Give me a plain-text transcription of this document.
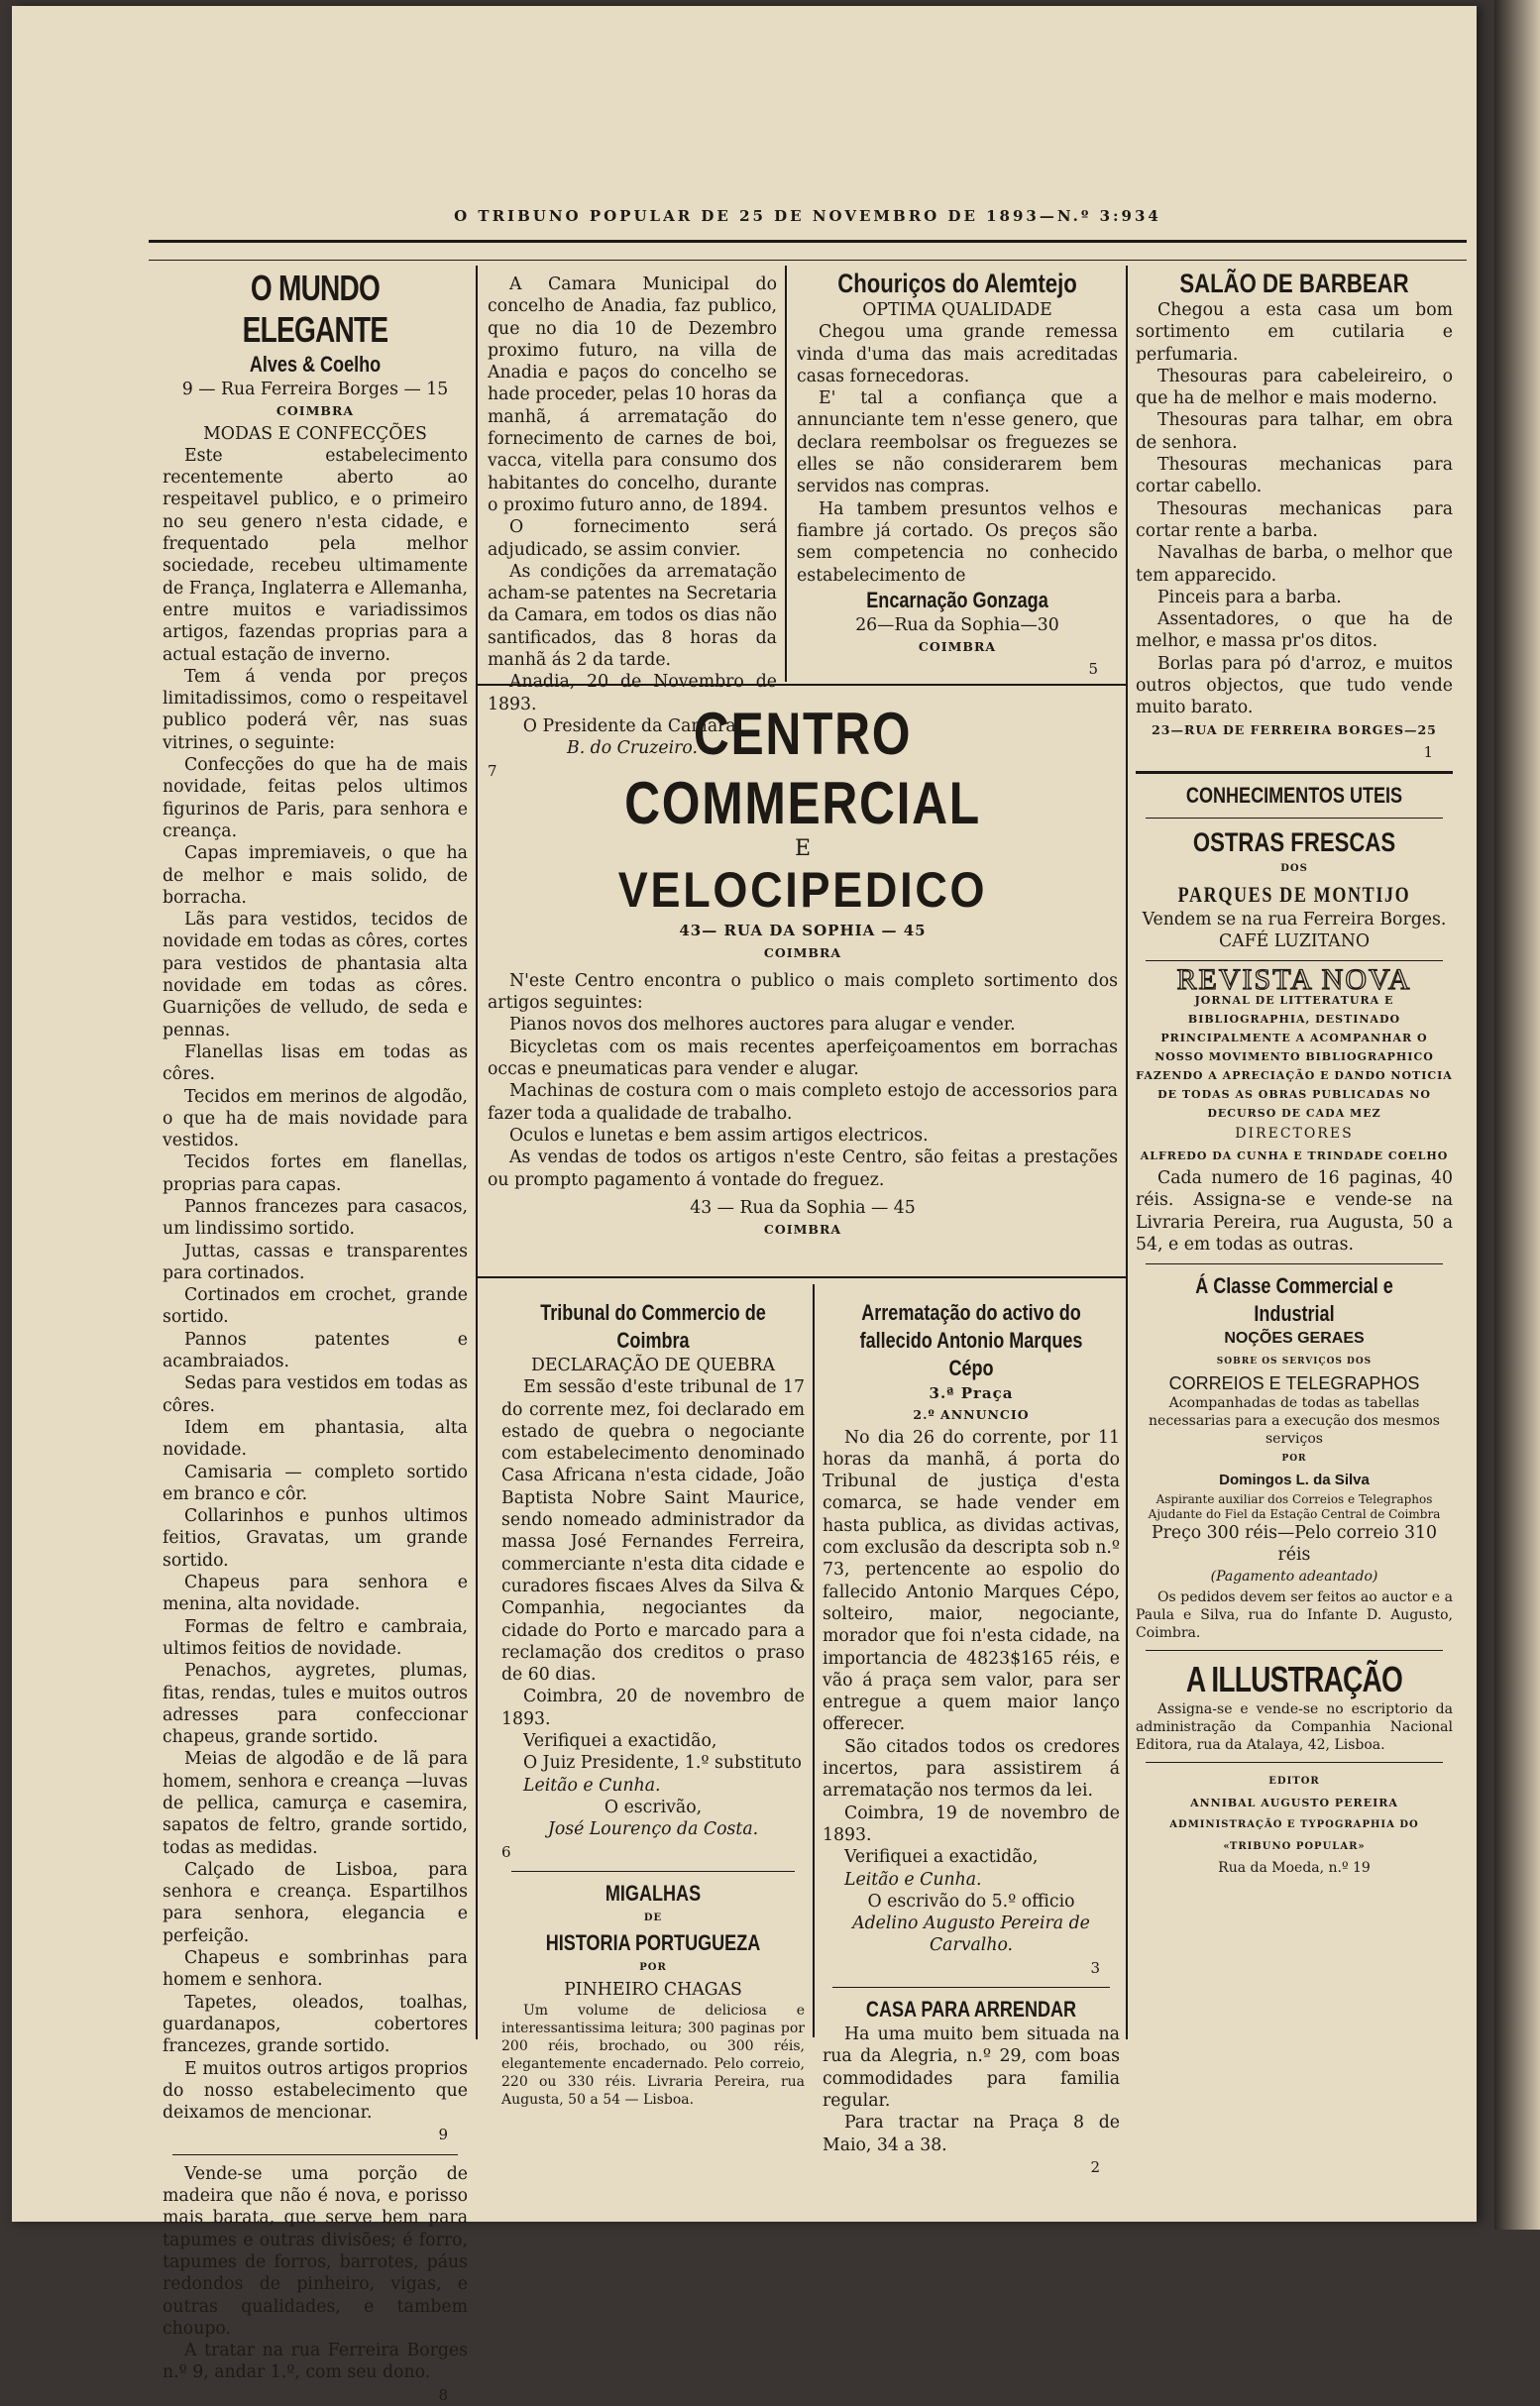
O TRIBUNO POPULAR DE 25 DE NOVEMBRO DE 1893—N.º 3:934
O MUNDO ELEGANTE
Alves & Coelho
9 — Rua Ferreira Borges — 15
COIMBRA
MODAS E CONFECÇÕES

Este estabelecimento recentemente aberto ao respeitavel publico, e o primeiro no seu genero n'esta cidade, e frequentado pela melhor sociedade, recebeu ultimamente de França, Inglaterra e Allemanha, entre muitos e variadissimos artigos, fazendas proprias para a actual estação de inverno.

Tem á venda por preços limitadissimos, como o respeitavel publico poderá vêr, nas suas vitrines, o seguinte:

Confecções do que ha de mais novidade, feitas pelos ultimos figurinos de Paris, para senhora e creança.

Capas impremiaveis, o que ha de melhor e mais solido, de borracha.

Lãs para vestidos, tecidos de novidade em todas as côres, cortes para vestidos de phantasia alta novidade em todas as côres. Guarnições de velludo, de seda e pennas.

Flanellas lisas em todas as côres.

Tecidos em merinos de algodão, o que ha de mais novidade para vestidos.

Tecidos fortes em flanellas, proprias para capas.

Pannos francezes para casacos, um lindissimo sortido.

Juttas, cassas e transparentes para cortinados.

Cortinados em crochet, grande sortido.

Pannos patentes e acambraiados.

Sedas para vestidos em todas as côres.

Idem em phantasia, alta novidade.

Camisaria — completo sortido em branco e côr.

Collarinhos e punhos ultimos feitios, Gravatas, um grande sortido.

Chapeus para senhora e menina, alta novidade.

Formas de feltro e cambraia, ultimos feitios de novidade.

Penachos, aygretes, plumas, fitas, rendas, tules e muitos outros adresses para confeccionar chapeus, grande sortido.

Meias de algodão e de lã para homem, senhora e creança —luvas de pellica, camurça e casemira, sapatos de feltro, grande sortido, todas as medidas.

Calçado de Lisboa, para senhora e creança. Espartilhos para senhora, elegancia e perfeição.

Chapeus e sombrinhas para homem e senhora.

Tapetes, oleados, toalhas, guardanapos, cobertores francezes, grande sortido.

E muitos outros artigos proprios do nosso estabelecimento que deixamos de mencionar.

9

Vende-se uma porção de madeira que não é nova, e porisso mais barata, que serve bem para tapumes e outras divisões; é forro, tapumes de forros, barrotes, páus redondos de pinheiro, vigas, e outras qualidades, e tambem choupo.

A tratar na rua Ferreira Borges n.º 9, andar 1.º, com seu dono.

8

A Camara Municipal do concelho de Anadia, faz publico, que no dia 10 de Dezembro proximo futuro, na villa de Anadia e paços do concelho se hade proceder, pelas 10 horas da manhã, á arrematação do fornecimento de carnes de boi, vacca, vitella para consumo dos habitantes do concelho, durante o proximo futuro anno, de 1894.

O fornecimento será adjudicado, se assim convier.

As condições da arrematação acham-se patentes na Secretaria da Camara, em todos os dias não santificados, das 8 horas da manhã ás 2 da tarde.

Anadia, 20 de Novembro de 1893.

O Presidente da Camara,
B. do Cruzeiro.
7
Chouriços do Alemtejo
OPTIMA QUALIDADE

Chegou uma grande remessa vinda d'uma das mais acreditadas casas fornecedoras.

E' tal a confiança que a annunciante tem n'esse genero, que declara reembolsar os freguezes se elles se não considerarem bem servidos nas compras.

Ha tambem presuntos velhos e fiambre já cortado. Os preços são sem competencia no conhecido estabelecimento de

Encarnação Gonzaga
26—Rua da Sophia—30
COIMBRA
5
CENTRO COMMERCIAL
E
VELOCIPEDICO
43— RUA DA SOPHIA — 45
COIMBRA

N'este Centro encontra o publico o mais completo sortimento dos artigos seguintes:

Pianos novos dos melhores auctores para alugar e vender.

Bicycletas com os mais recentes aperfeiçoamentos em borrachas occas e pneumaticas para vender e alugar.

Machinas de costura com o mais completo estojo de accessorios para fazer toda a qualidade de trabalho.

Oculos e lunetas e bem assim artigos electricos.

As vendas de todos os artigos n'este Centro, são feitas a prestações ou prompto pagamento á vontade do freguez.

43 — Rua da Sophia — 45
COIMBRA
Tribunal do Commercio de Coimbra
DECLARAÇÃO DE QUEBRA

Em sessão d'este tribunal de 17 do corrente mez, foi declarado em estado de quebra o negociante com estabelecimento denominado Casa Africana n'esta cidade, João Baptista Nobre Saint Maurice, sendo nomeado administrador da massa José Fernandes Ferreira, commerciante n'esta dita cidade e curadores fiscaes Alves da Silva & Companhia, negociantes da cidade do Porto e marcado para a reclamação dos creditos o praso de 60 dias.

Coimbra, 20 de novembro de 1893.

Verifiquei a exactidão,

O Juiz Presidente, 1.º substituto

Leitão e Cunha.

O escrivão,
José Lourenço da Costa.
6
MIGALHAS
DE
HISTORIA PORTUGUEZA
POR
PINHEIRO CHAGAS

Um volume de deliciosa e interessantissima leitura; 300 paginas por 200 réis, brochado, ou 300 réis, elegantemente encadernado. Pelo correio, 220 ou 330 réis. Livraria Pereira, rua Augusta, 50 a 54 — Lisboa.

Arrematação do activo do fallecido Antonio Marques Cépo
3.ª Praça
2.º ANNUNCIO

No dia 26 do corrente, por 11 horas da manhã, á porta do Tribunal de justiça d'esta comarca, se hade vender em hasta publica, as dividas activas, com exclusão da descripta sob n.º 73, pertencente ao espolio do fallecido Antonio Marques Cépo, solteiro, maior, negociante, morador que foi n'esta cidade, na importancia de 4823$165 réis, e vão á praça sem valor, para ser entregue a quem maior lanço offerecer.

São citados todos os credores incertos, para assistirem á arrematação nos termos da lei.

Coimbra, 19 de novembro de 1893.

Verifiquei a exactidão,

Leitão e Cunha.

O escrivão do 5.º officio
Adelino Augusto Pereira de Carvalho.
3
CASA PARA ARRENDAR

Ha uma muito bem situada na rua da Alegria, n.º 29, com boas commodidades para familia regular.

Para tractar na Praça 8 de Maio, 34 a 38.

2
SALÃO DE BARBEAR

Chegou a esta casa um bom sortimento em cutilaria e perfumaria.

Thesouras para cabeleireiro, o que ha de melhor e mais moderno.

Thesouras para talhar, em obra de senhora.

Thesouras mechanicas para cortar cabello.

Thesouras mechanicas para cortar rente a barba.

Navalhas de barba, o melhor que tem apparecido.

Pinceis para a barba.

Assentadores, o que ha de melhor, e massa pr'os ditos.

Borlas para pó d'arroz, e muitos outros objectos, que tudo vende muito barato.

23—RUA DE FERREIRA BORGES—25
1
CONHECIMENTOS UTEIS
OSTRAS FRESCAS
DOS
PARQUES DE MONTIJO
Vendem se na rua Ferreira Borges.
CAFÉ LUZITANO
REVISTA NOVA
JORNAL DE LITTERATURA E BIBLIOGRAPHIA, DESTINADO PRINCIPALMENTE A ACOMPANHAR O NOSSO MOVIMENTO BIBLIOGRAPHICO FAZENDO A APRECIAÇÃO E DANDO NOTICIA DE TODAS AS OBRAS PUBLICADAS NO DECURSO DE CADA MEZ
DIRECTORES
ALFREDO DA CUNHA E TRINDADE COELHO

Cada numero de 16 paginas, 40 réis. Assigna-se e vende-se na Livraria Pereira, rua Augusta, 50 a 54, e em todas as outras.

Á Classe Commercial e Industrial
NOÇÕES GERAES
SOBRE OS SERVIÇOS DOS
CORREIOS E TELEGRAPHOS
Acompanhadas de todas as tabellas necessarias para a execução dos mesmos serviços
POR
Domingos L. da Silva
Aspirante auxiliar dos Correios e Telegraphos Ajudante do Fiel da Estação Central de Coimbra
Preço 300 réis—Pelo correio 310 réis
(Pagamento adeantado)

Os pedidos devem ser feitos ao auctor e a Paula e Silva, rua do Infante D. Augusto, Coimbra.

A ILLUSTRAÇÃO

Assigna-se e vende-se no escriptorio da administração da Companhia Nacional Editora, rua da Atalaya, 42, Lisboa.

EDITOR
ANNIBAL AUGUSTO PEREIRA
ADMINISTRAÇÃO E TYPOGRAPHIA DO «TRIBUNO POPULAR»
Rua da Moeda, n.º 19
